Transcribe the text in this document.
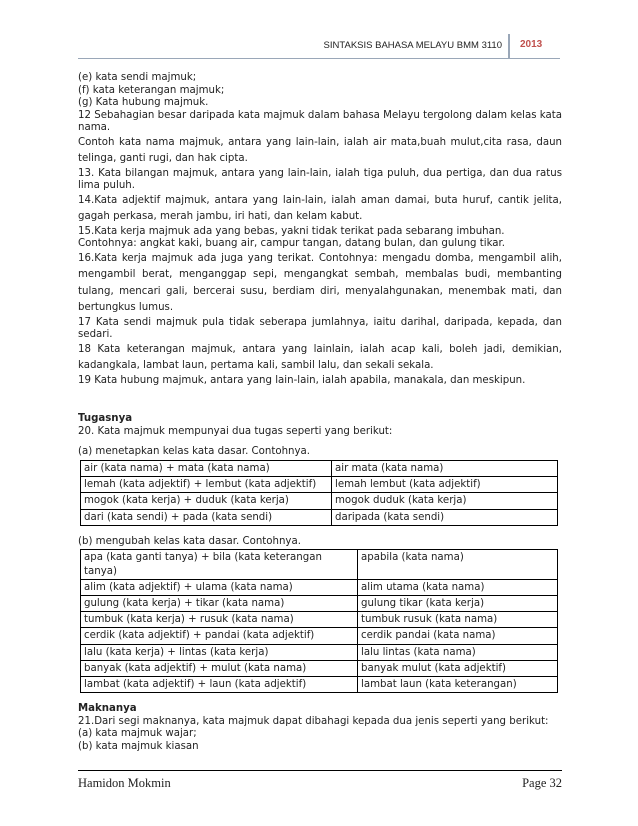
SINTAKSIS BAHASA MELAYU BMM 3110 2013

(e) kata sendi majmuk;

(f) kata keterangan majmuk;

(g) Kata hubung majmuk.

12 Sebahagian besar daripada kata majmuk dalam bahasa Melayu tergolong dalam kelas kata nama.

Contoh kata nama majmuk, antara yang lain-lain, ialah air mata,buah mulut,cita rasa, daun telinga, ganti rugi, dan hak cipta.

13. Kata bilangan majmuk, antara yang lain-lain, ialah tiga puluh, dua pertiga, dan dua ratus lima puluh.

14.Kata adjektif majmuk, antara yang lain-lain, ialah aman damai, buta huruf, cantik jelita, gagah perkasa, merah jambu, iri hati, dan kelam kabut.

15.Kata kerja majmuk ada yang bebas, yakni tidak terikat pada sebarang imbuhan.

Contohnya: angkat kaki, buang air, campur tangan, datang bulan, dan gulung tikar.

16.Kata kerja majmuk ada juga yang terikat. Contohnya: mengadu domba, mengambil alih, mengambil berat, menganggap sepi, mengangkat sembah, membalas budi, membanting tulang, mencari gali, bercerai susu, berdiam diri, menyalahgunakan, menembak mati, dan bertungkus lumus.

17 Kata sendi majmuk pula tidak seberapa jumlahnya, iaitu darihal, daripada, kepada, dan sedari.

18 Kata keterangan majmuk, antara yang lainlain, ialah acap kali, boleh jadi, demikian, kadangkala, lambat laun, pertama kali, sambil lalu, dan sekali sekala.

19 Kata hubung majmuk, antara yang lain-lain, ialah apabila, manakala, dan meskipun.

Tugasnya

20. Kata majmuk mempunyai dua tugas seperti yang berikut:

(a) menetapkan kelas kata dasar. Contohnya.

air (kata nama) + mata (kata nama)	air mata (kata nama)
lemah (kata adjektif) + lembut (kata adjektif)	lemah lembut (kata adjektif)
mogok (kata kerja) + duduk (kata kerja)	mogok duduk (kata kerja)
dari (kata sendi) + pada (kata sendi)	daripada (kata sendi)

(b) mengubah kelas kata dasar. Contohnya.

apa (kata ganti tanya) + bila (kata keterangan tanya)	apabila (kata nama)
alim (kata adjektif) + ulama (kata nama)	alim utama (kata nama)
gulung (kata kerja) + tikar (kata nama)	gulung tikar (kata kerja)
tumbuk (kata kerja) + rusuk (kata nama)	tumbuk rusuk (kata nama)
cerdik (kata adjektif) + pandai (kata adjektif)	cerdik pandai (kata nama)
lalu (kata kerja) + lintas (kata kerja)	lalu lintas (kata nama)
banyak (kata adjektif) + mulut (kata nama)	banyak mulut (kata adjektif)
lambat (kata adjektif) + laun (kata adjektif)	lambat laun (kata keterangan)

Maknanya

21.Dari segi maknanya, kata majmuk dapat dibahagi kepada dua jenis seperti yang berikut:

(a) kata majmuk wajar;

(b) kata majmuk kiasan

Hamidon Mokmin	Page 32
